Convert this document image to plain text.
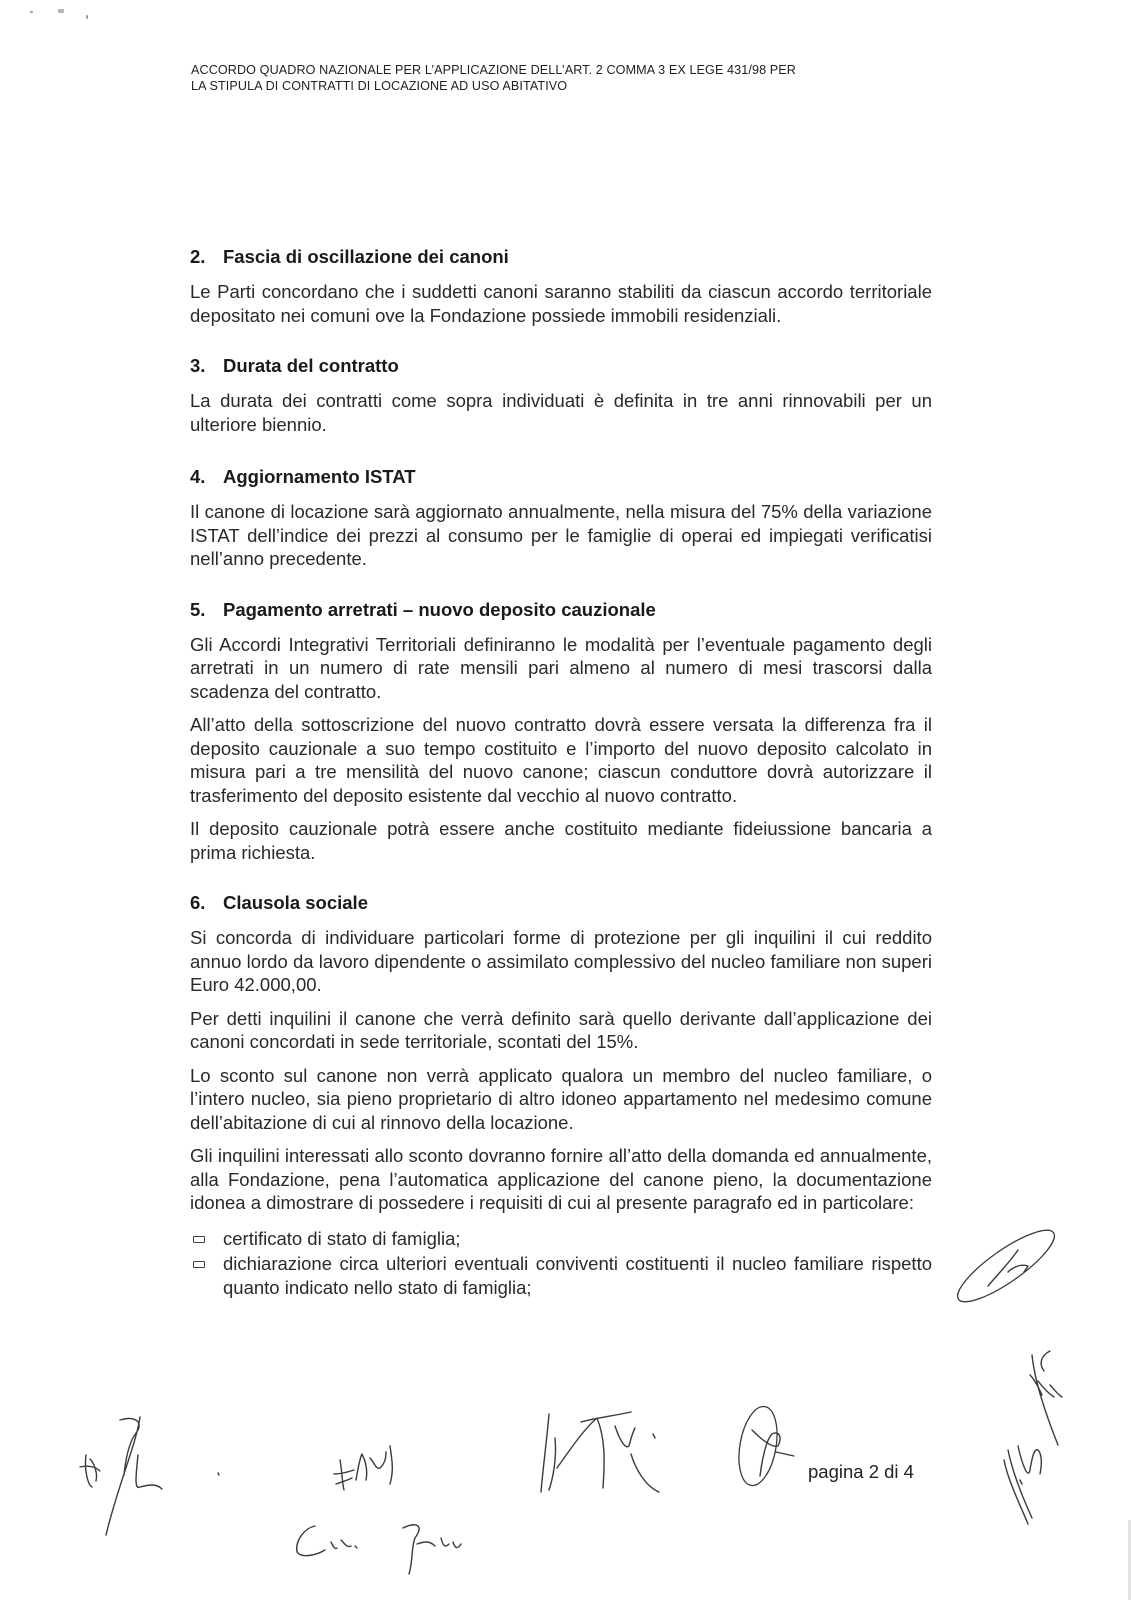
ACCORDO QUADRO NAZIONALE PER L’APPLICAZIONE DELL’ART. 2 COMMA 3 EX LEGE 431/98 PER
LA STIPULA DI CONTRATTI DI LOCAZIONE AD USO ABITATIVO
2. Fascia di oscillazione dei canoni

Le Parti concordano che i suddetti canoni saranno stabiliti da ciascun accordo territoriale depositato nei comuni ove la Fondazione possiede immobili residenziali.

3. Durata del contratto

La durata dei contratti come sopra individuati è definita in tre anni rinnovabili per un ulteriore biennio.

4. Aggiornamento ISTAT

Il canone di locazione sarà aggiornato annualmente, nella misura del 75% della variazione ISTAT dell’indice dei prezzi al consumo per le famiglie di operai ed impiegati verificatisi nell’anno precedente.

5. Pagamento arretrati – nuovo deposito cauzionale

Gli Accordi Integrativi Territoriali definiranno le modalità per l’eventuale pagamento degli arretrati in un numero di rate mensili pari almeno al numero di mesi trascorsi dalla scadenza del contratto.

All’atto della sottoscrizione del nuovo contratto dovrà essere versata la differenza fra il deposito cauzionale a suo tempo costituito e l’importo del nuovo deposito calcolato in misura pari a tre mensilità del nuovo canone; ciascun conduttore dovrà autorizzare il trasferimento del deposito esistente dal vecchio al nuovo contratto.

Il deposito cauzionale potrà essere anche costituito mediante fideiussione bancaria a prima richiesta.

6. Clausola sociale

Si concorda di individuare particolari forme di protezione per gli inquilini il cui reddito annuo lordo da lavoro dipendente o assimilato complessivo del nucleo familiare non superi Euro 42.000,00.

Per detti inquilini il canone che verrà definito sarà quello derivante dall’applicazione dei canoni concordati in sede territoriale, scontati del 15%.

Lo sconto sul canone non verrà applicato qualora un membro del nucleo familiare, o l’intero nucleo, sia pieno proprietario di altro idoneo appartamento nel medesimo comune dell’abitazione di cui al rinnovo della locazione.

Gli inquilini interessati allo sconto dovranno fornire all’atto della domanda ed annualmente, alla Fondazione, pena l’automatica applicazione del canone pieno, la documentazione idonea a dimostrare di possedere i requisiti di cui al presente paragrafo ed in particolare:

certificato di stato di famiglia;
dichiarazione circa ulteriori eventuali conviventi costituenti il nucleo familiare rispetto quanto indicato nello stato di famiglia;
pagina 2 di 4
